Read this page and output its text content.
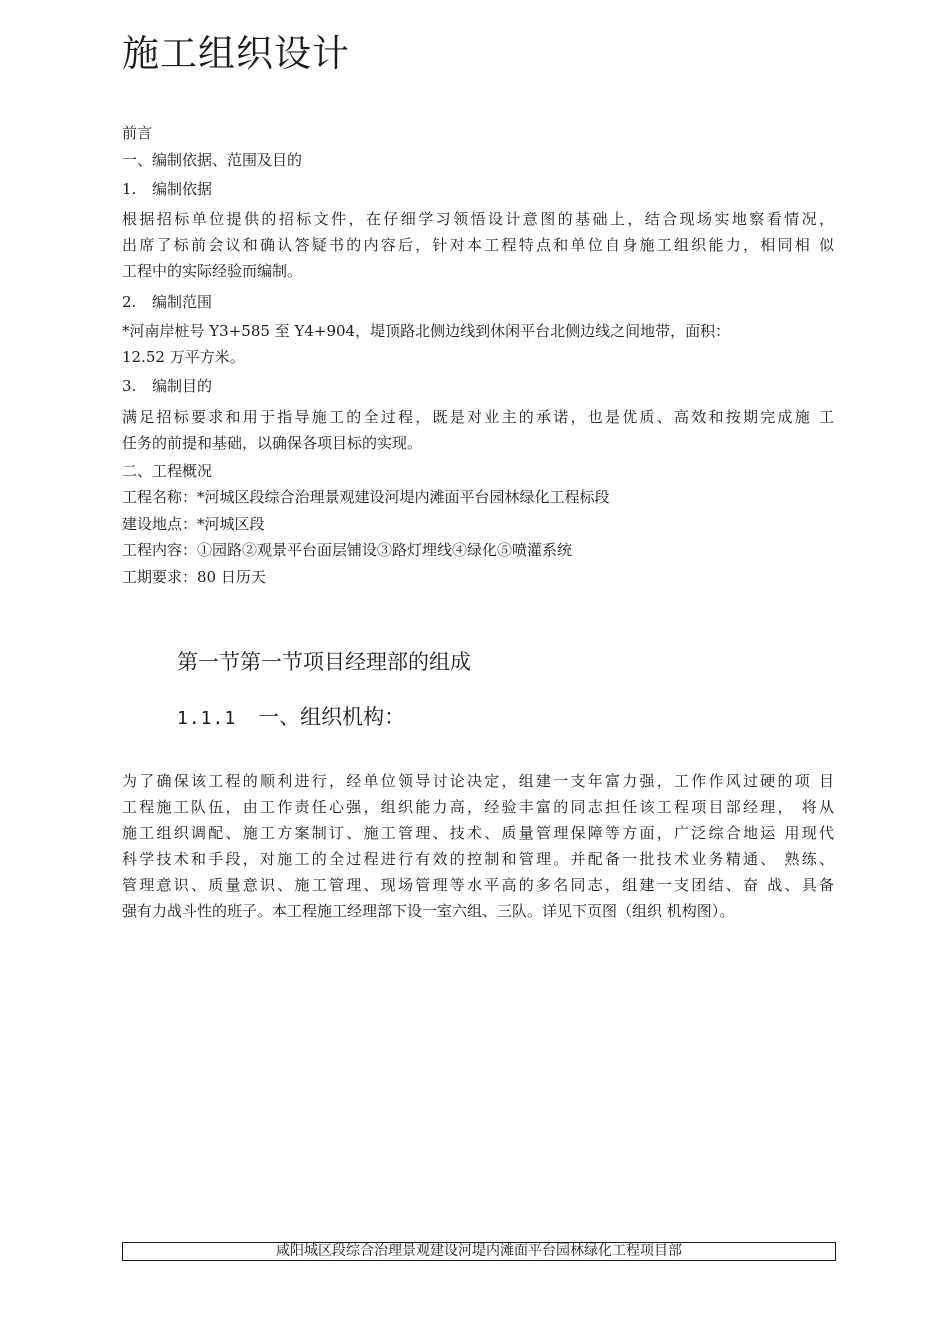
施工组织设计
前言
一、编制依据、范围及目的
1. 编制依据
根据招标单位提供的招标文件，在仔细学习领悟设计意图的基础上，结合现场实地察看情况，
出席了标前会议和确认答疑书的内容后，针对本工程特点和单位自身施工组织能力，相同相 似
工程中的实际经验而编制。
2. 编制范围
*河南岸桩号 Y3+585 至 Y4+904，堤顶路北侧边线到休闲平台北侧边线之间地带，面积：
12.52 万平方米。
3. 编制目的
满足招标要求和用于指导施工的全过程，既是对业主的承诺，也是优质、高效和按期完成施 工
任务的前提和基础，以确保各项目标的实现。
二、工程概况
工程名称：*河城区段综合治理景观建设河堤内滩面平台园林绿化工程标段
建设地点：*河城区段
工程内容：①园路②观景平台面层铺设③路灯埋线④绿化⑤喷灌系统
工期要求：80 日历天
第一节第一节项目经理部的组成
1.1.1 一、组织机构：
为了确保该工程的顺利进行，经单位领导讨论决定，组建一支年富力强，工作作风过硬的项 目
工程施工队伍，由工作责任心强，组织能力高，经验丰富的同志担任该工程项目部经理， 将从
施工组织调配、施工方案制订、施工管理、技术、质量管理保障等方面，广泛综合地运 用现代
科学技术和手段，对施工的全过程进行有效的控制和管理。并配备一批技术业务精通、 熟练、
管理意识、质量意识、施工管理、现场管理等水平高的多名同志，组建一支团结、奋 战、具备
强有力战斗性的班子。本工程施工经理部下设一室六组、三队。详见下页图（组织 机构图）。
咸阳城区段综合治理景观建设河堤内滩面平台园林绿化工程项目部
